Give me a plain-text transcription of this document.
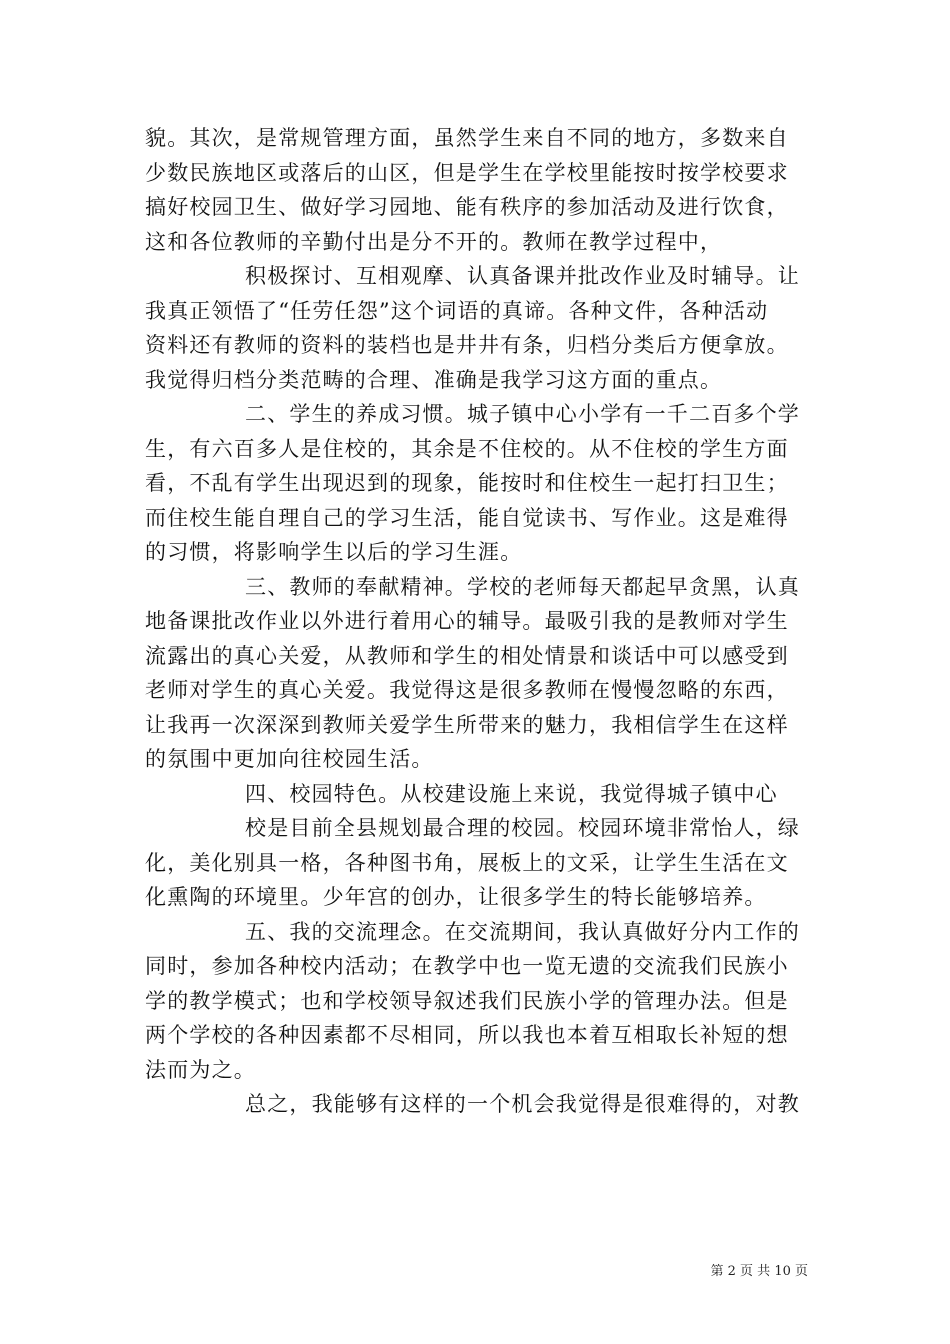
貌。其次，是常规管理方面，虽然学生来自不同的地方，多数来自
少数民族地区或落后的山区，但是学生在学校里能按时按学校要求
搞好校园卫生、做好学习园地、能有秩序的参加活动及进行饮食，
这和各位教师的辛勤付出是分不开的。教师在教学过程中，
积极探讨、互相观摩、认真备课并批改作业及时辅导。让
我真正领悟了“任劳任怨”这个词语的真谛。各种文件，各种活动
资料还有教师的资料的装档也是井井有条，归档分类后方便拿放。
我觉得归档分类范畴的合理、准确是我学习这方面的重点。
二、学生的养成习惯。城子镇中心小学有一千二百多个学
生，有六百多人是住校的，其余是不住校的。从不住校的学生方面
看，不乱有学生出现迟到的现象，能按时和住校生一起打扫卫生；
而住校生能自理自己的学习生活，能自觉读书、写作业。这是难得
的习惯，将影响学生以后的学习生涯。
三、教师的奉献精神。学校的老师每天都起早贪黑，认真
地备课批改作业以外进行着用心的辅导。最吸引我的是教师对学生
流露出的真心关爱，从教师和学生的相处情景和谈话中可以感受到
老师对学生的真心关爱。我觉得这是很多教师在慢慢忽略的东西，
让我再一次深深到教师关爱学生所带来的魅力，我相信学生在这样
的氛围中更加向往校园生活。
四、校园特色。从校建设施上来说，我觉得城子镇中心
校是目前全县规划最合理的校园。校园环境非常怡人，绿
化，美化别具一格，各种图书角，展板上的文采，让学生生活在文
化熏陶的环境里。少年宫的创办，让很多学生的特长能够培养。
五、我的交流理念。在交流期间，我认真做好分内工作的
同时，参加各种校内活动；在教学中也一览无遗的交流我们民族小
学的教学模式；也和学校领导叙述我们民族小学的管理办法。但是
两个学校的各种因素都不尽相同，所以我也本着互相取长补短的想
法而为之。
总之，我能够有这样的一个机会我觉得是很难得的，对教
第 2 页 共 10 页
